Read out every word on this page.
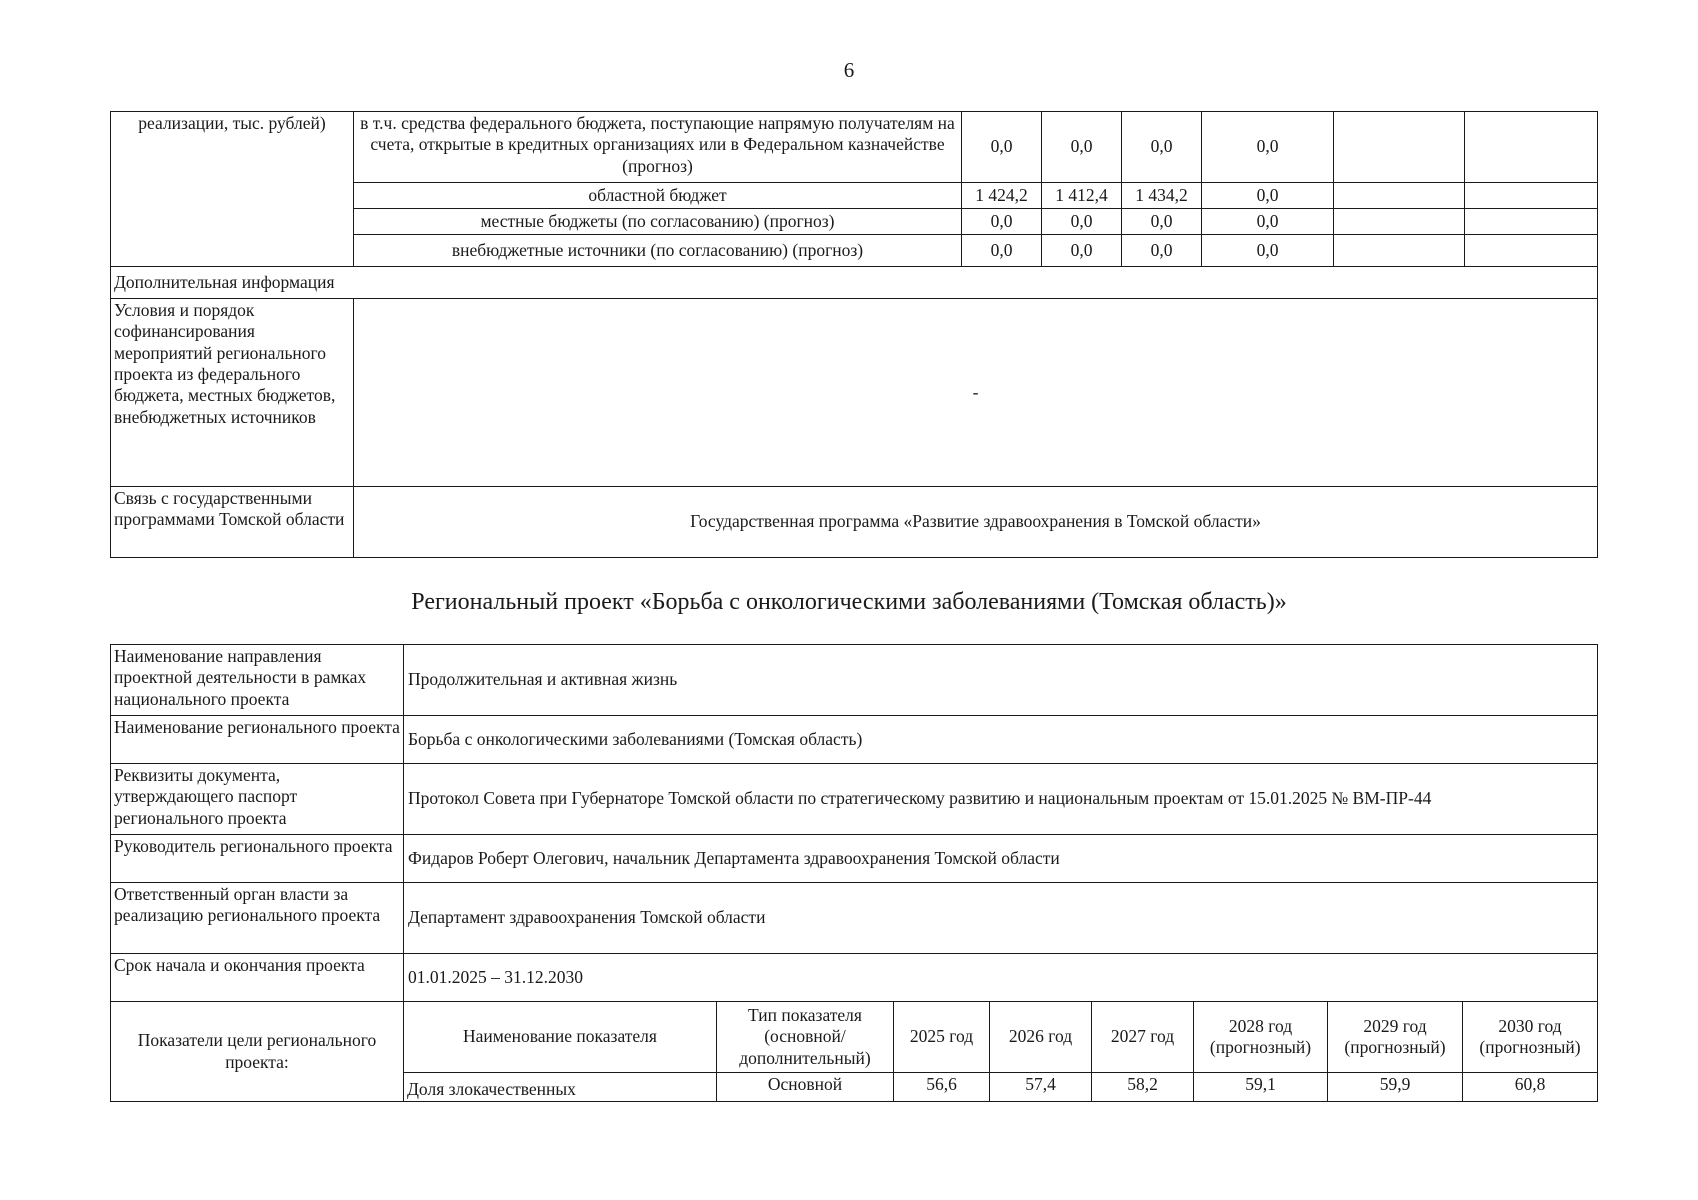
6
реализации, тыс. рублей)	в т.ч. средства федерального бюджета, поступающие напрямую получателям на счета, открытые в кредитных организациях или в Федеральном казначействе (прогноз)	0,0	0,0	0,0	0,0		
	областной бюджет	1 424,2	1 412,4	1 434,2	0,0		
	местные бюджеты (по согласованию) (прогноз)	0,0	0,0	0,0	0,0		
	внебюджетные источники (по согласованию) (прогноз)	0,0	0,0	0,0	0,0		
Дополнительная информация							
Условия и порядок софинансирования мероприятий регионального проекта из федерального бюджета, местных бюджетов, внебюджетных источников	-						
Связь с государственными программами Томской области	Государственная программа «Развитие здравоохранения в Томской области»						
Региональный проект «Борьба с онкологическими заболеваниями (Томская область)»
Наименование направления проектной деятельности в рамках национального проекта	Продолжительная и активная жизнь							
Наименование регионального проекта	Борьба с онкологическими заболеваниями (Томская область)							
Реквизиты документа, утверждающего паспорт регионального проекта	Протокол Совета при Губернаторе Томской области по стратегическому развитию и национальным проектам от 15.01.2025 № ВМ-ПР-44							
Руководитель регионального проекта	Фидаров Роберт Олегович, начальник Департамента здравоохранения Томской области							
Ответственный орган власти за реализацию регионального проекта	Департамент здравоохранения Томской области							
Срок начала и окончания проекта	01.01.2025 – 31.12.2030							
Показатели цели регионального проекта:	Наименование показателя	Тип показателя (основной/ дополнительный)	2025 год	2026 год	2027 год	2028 год (прогнозный)	2029 год (прогнозный)	2030 год (прогнозный)
	Доля злокачественных	Основной	56,6	57,4	58,2	59,1	59,9	60,8
